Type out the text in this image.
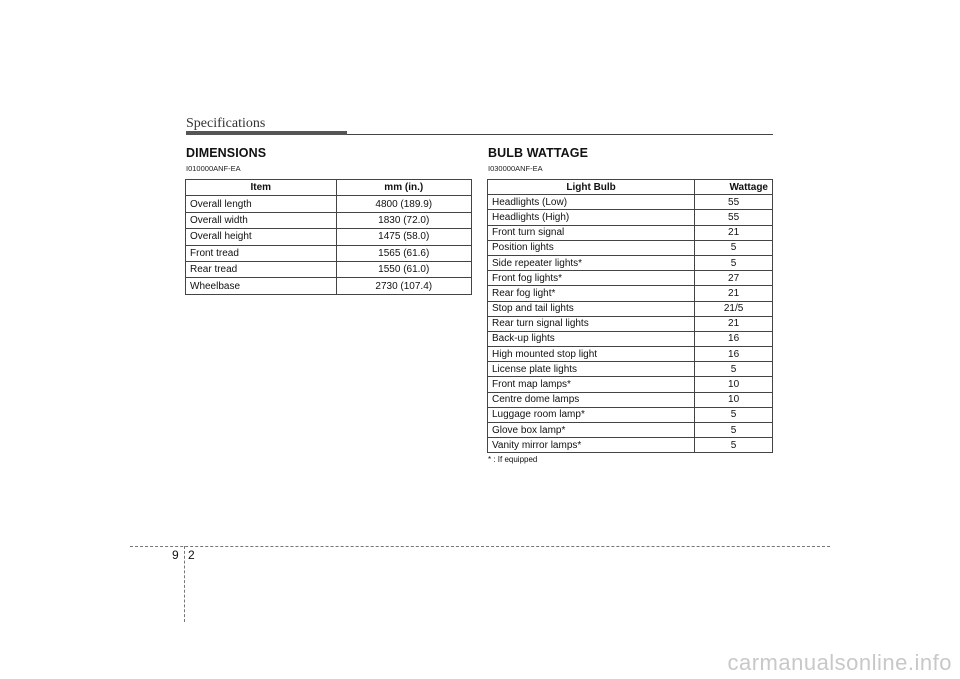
Specifications
DIMENSIONS
I010000ANF-EA
Item	mm (in.)
Overall length	4800 (189.9)
Overall width	1830 (72.0)
Overall height	1475 (58.0)
Front tread	1565 (61.6)
Rear tread	1550 (61.0)
Wheelbase	2730 (107.4)
BULB WATTAGE
I030000ANF-EA
Light Bulb	Wattage
Headlights (Low)	55
Headlights (High)	55
Front turn signal	21
Position lights	5
Side repeater lights*	5
Front fog lights*	27
Rear fog light*	21
Stop and tail lights	21/5
Rear turn signal lights	21
Back-up lights	16
High mounted stop light	16
License plate lights	5
Front map lamps*	10
Centre dome lamps	10
Luggage room lamp*	5
Glove box lamp*	5
Vanity mirror lamps*	5
* : If equipped
9 2
carmanualsonline.info
